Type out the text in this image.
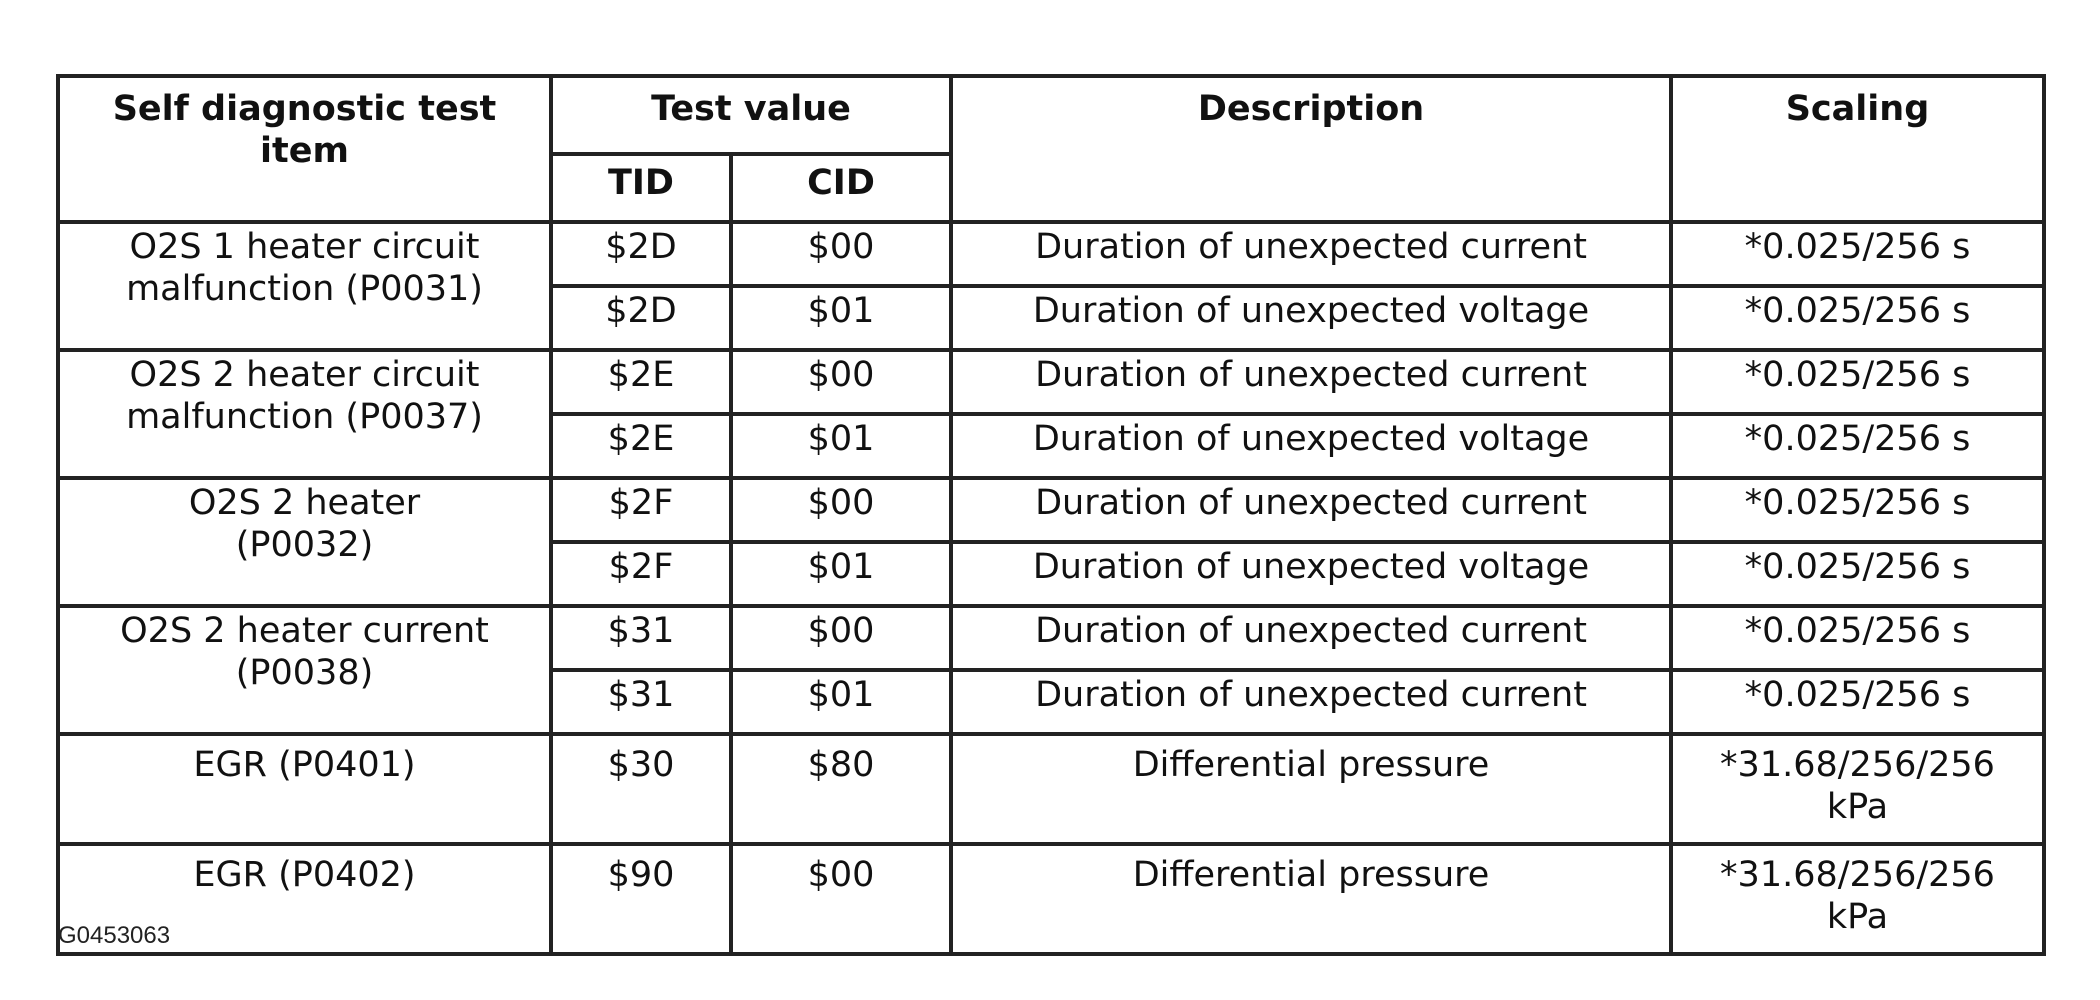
Self diagnostic test
item	Test value		Description	Scaling
	TID	CID		
O2S 1 heater circuit
malfunction (P0031)	$2D	$00	Duration of unexpected current	*0.025/256 s
	$2D	$01	Duration of unexpected voltage	*0.025/256 s
O2S 2 heater circuit
malfunction (P0037)	$2E	$00	Duration of unexpected current	*0.025/256 s
	$2E	$01	Duration of unexpected voltage	*0.025/256 s
O2S 2 heater
(P0032)	$2F	$00	Duration of unexpected current	*0.025/256 s
	$2F	$01	Duration of unexpected voltage	*0.025/256 s
O2S 2 heater current
(P0038)	$31	$00	Duration of unexpected current	*0.025/256 s
	$31	$01	Duration of unexpected current	*0.025/256 s
EGR (P0401)	$30	$80	Differential pressure	*31.68/256/256
kPa
EGR (P0402)	$90	$00	Differential pressure	*31.68/256/256
kPa
G0453063
